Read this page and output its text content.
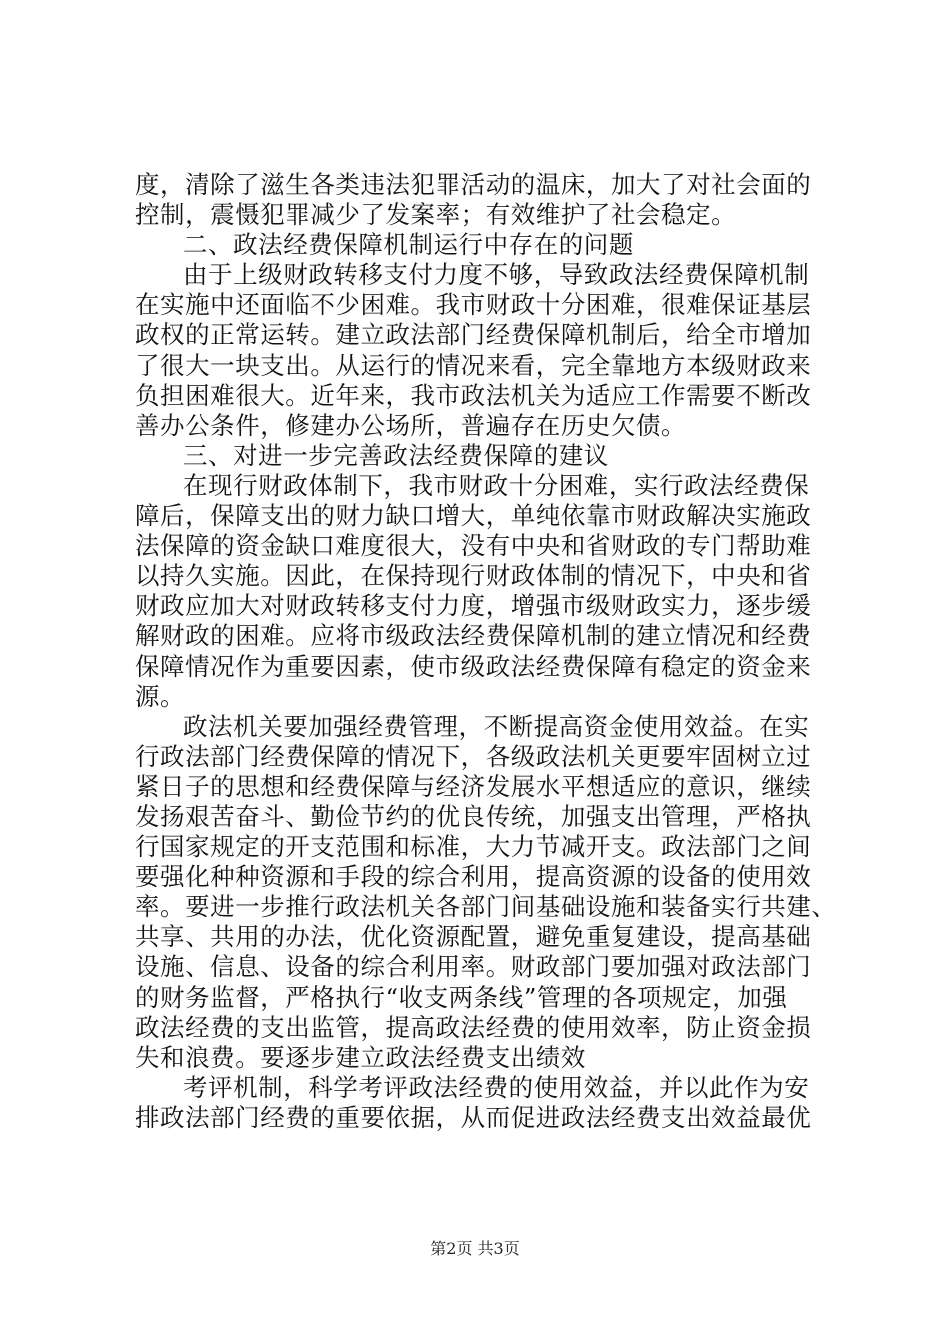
度，清除了滋生各类违法犯罪活动的温床，加大了对社会面的
控制，震慑犯罪减少了发案率；有效维护了社会稳定。
二、政法经费保障机制运行中存在的问题
由于上级财政转移支付力度不够，导致政法经费保障机制
在实施中还面临不少困难。我市财政十分困难，很难保证基层
政权的正常运转。建立政法部门经费保障机制后，给全市增加
了很大一块支出。从运行的情况来看，完全靠地方本级财政来
负担困难很大。近年来，我市政法机关为适应工作需要不断改
善办公条件，修建办公场所，普遍存在历史欠债。
三、对进一步完善政法经费保障的建议
在现行财政体制下，我市财政十分困难，实行政法经费保
障后，保障支出的财力缺口增大，单纯依靠市财政解决实施政
法保障的资金缺口难度很大，没有中央和省财政的专门帮助难
以持久实施。因此，在保持现行财政体制的情况下，中央和省
财政应加大对财政转移支付力度，增强市级财政实力，逐步缓
解财政的困难。应将市级政法经费保障机制的建立情况和经费
保障情况作为重要因素，使市级政法经费保障有稳定的资金来
源。
政法机关要加强经费管理，不断提高资金使用效益。在实
行政法部门经费保障的情况下，各级政法机关更要牢固树立过
紧日子的思想和经费保障与经济发展水平想适应的意识，继续
发扬艰苦奋斗、勤俭节约的优良传统，加强支出管理，严格执
行国家规定的开支范围和标准，大力节减开支。政法部门之间
要强化种种资源和手段的综合利用，提高资源的设备的使用效
率。要进一步推行政法机关各部门间基础设施和装备实行共建、
共享、共用的办法，优化资源配置，避免重复建设，提高基础
设施、信息、设备的综合利用率。财政部门要加强对政法部门
的财务监督，严格执行“收支两条线”管理的各项规定，加强
政法经费的支出监管，提高政法经费的使用效率，防止资金损
失和浪费。要逐步建立政法经费支出绩效
考评机制，科学考评政法经费的使用效益，并以此作为安
排政法部门经费的重要依据，从而促进政法经费支出效益最优
第2页 共3页
